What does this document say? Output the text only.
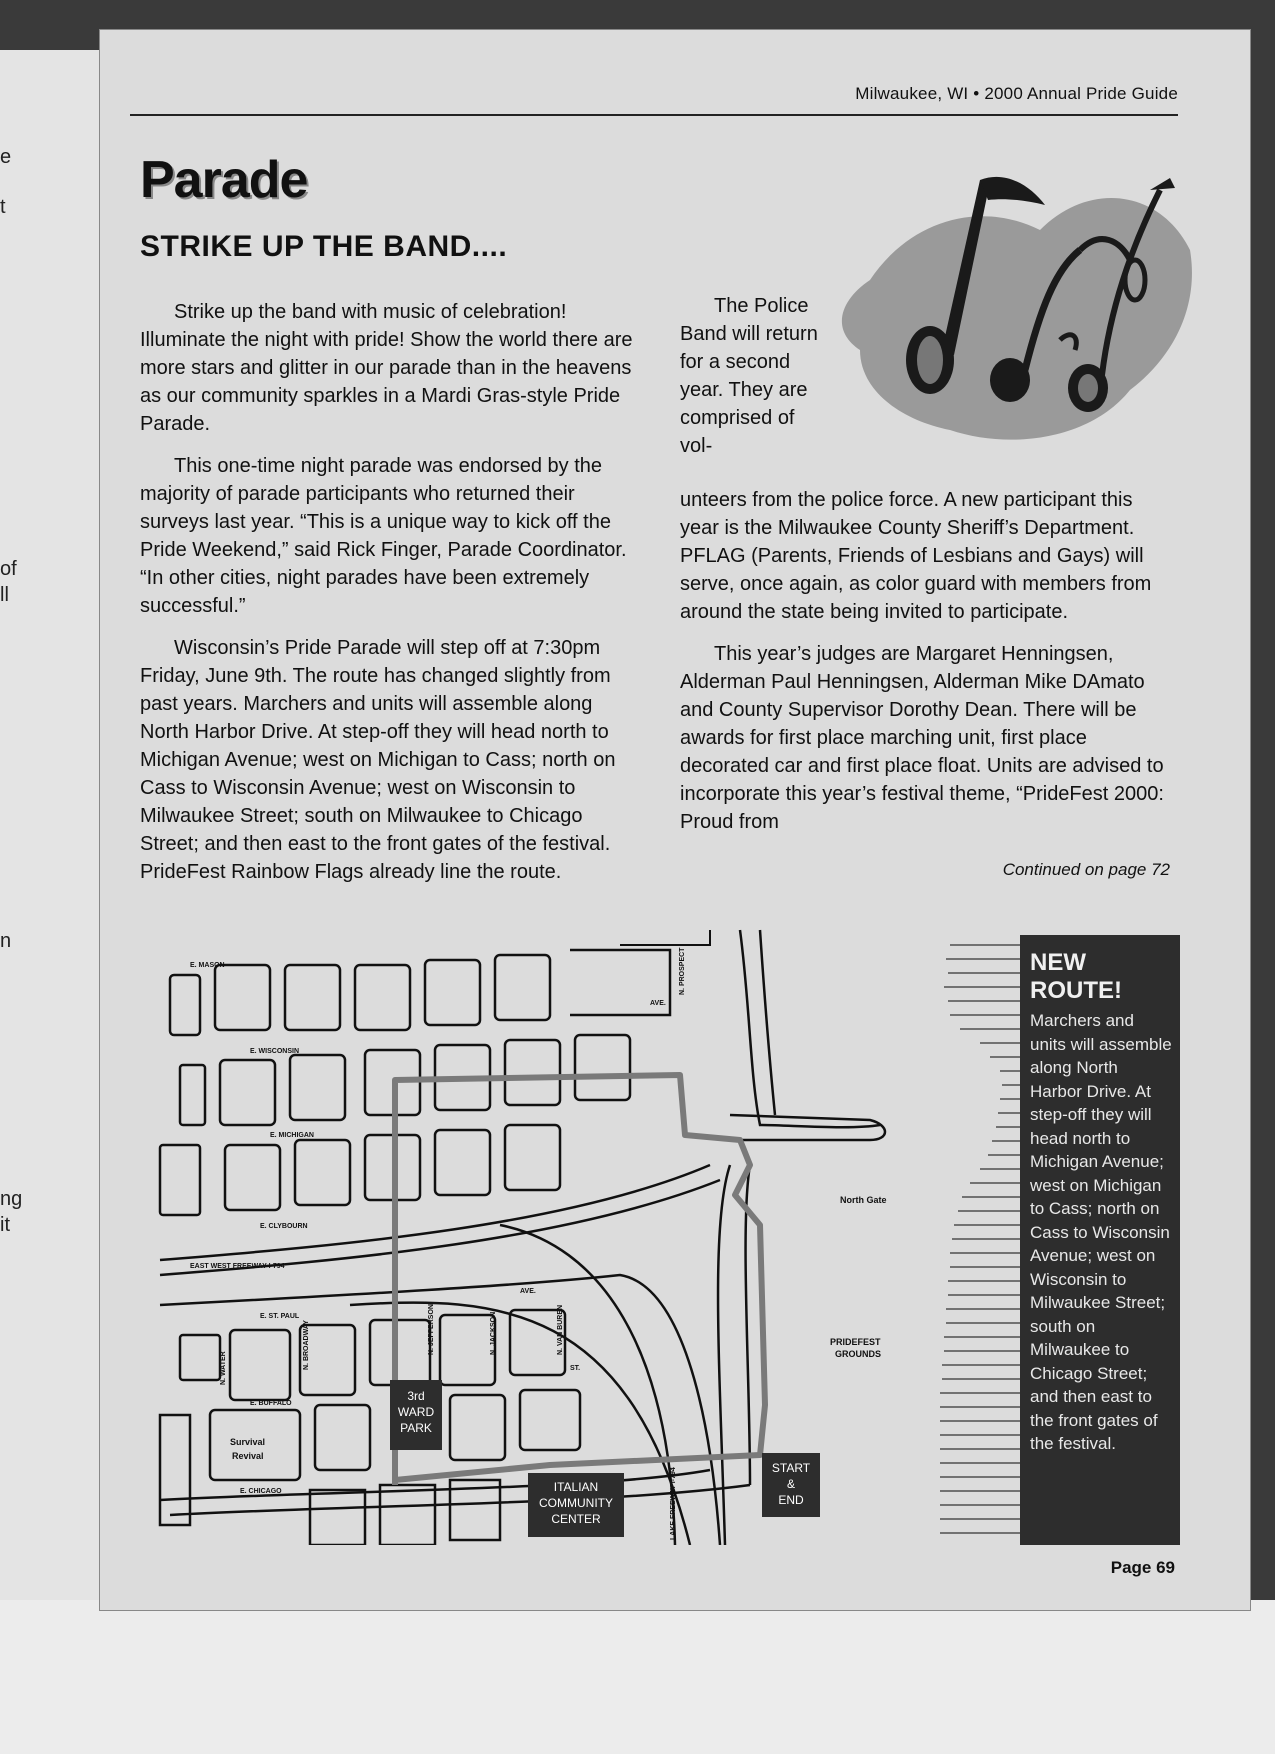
e
t
of
ll
n
ng
it
Milwaukee, WI • 2000 Annual Pride Guide
Parade
STRIKE UP THE BAND....

Strike up the band with music of celebration! Illuminate the night with pride! Show the world there are more stars and glitter in our parade than in the heavens as our community sparkles in a Mardi Gras-style Pride Parade.

This one-time night parade was endorsed by the majority of parade participants who returned their surveys last year. “This is a unique way to kick off the Pride Weekend,” said Rick Finger, Parade Coordinator. “In other cities, night parades have been extremely successful.”

Wisconsin’s Pride Parade will step off at 7:30pm Friday, June 9th. The route has changed slightly from past years. Marchers and units will assemble along North Harbor Drive. At step-off they will head north to Michigan Avenue; west on Michigan to Cass; north on Cass to Wisconsin Avenue; west on Wisconsin to Milwaukee Street; south on Milwaukee to Chicago Street; and then east to the front gates of the festival. PrideFest Rainbow Flags already line the route.

The Police Band will return for a second year. They are comprised of vol-

unteers from the police force. A new participant this year is the Milwaukee County Sheriff’s Department. PFLAG (Parents, Friends of Lesbians and Gays) will serve, once again, as color guard with members from around the state being invited to participate.

This year’s judges are Margaret Henningsen, Alderman Paul Henningsen, Alderman Mike DAmato and County Supervisor Dorothy Dean. There will be awards for first place marching unit, first place decorated car and first place float. Units are advised to incorporate this year’s festival theme, “PrideFest 2000: Proud from

Continued on page 72
E. MASON
E. WISCONSIN
E. MICHIGAN
E. CLYBOURN
EAST WEST FREEWAY I-794
E. ST. PAUL
E. BUFFALO
E. CHICAGO
AVE.
AVE.
ST.
N. WATER	N. BROADWAY	N. JEFFERSON	N. JACKSON	N. VAN BUREN
N. PROSPECT
LAKE FREEWAY I-794
North Gate
PRIDEFEST
GROUNDS
Survival
Revival
3rd
WARD
PARK
ITALIAN
COMMUNITY
CENTER
START
&
END
NEW
ROUTE!
Marchers and units will assemble along North Harbor Drive. At step-off they will head north to Michigan Avenue; west on Michigan to Cass; north on Cass to Wisconsin Avenue; west on Wisconsin to Milwaukee Street; south on Milwaukee to Chicago Street; and then east to the front gates of the festival.
Page 69
